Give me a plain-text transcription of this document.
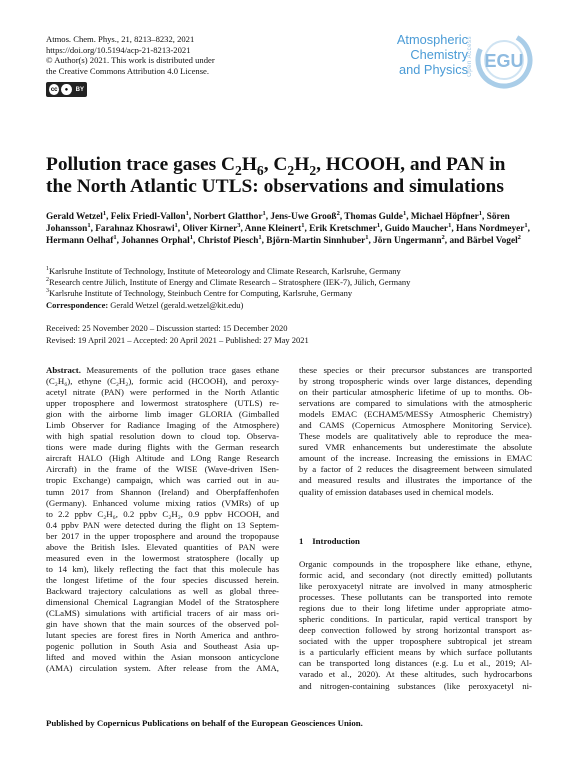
Atmos. Chem. Phys., 21, 8213–8232, 2021
https://doi.org/10.5194/acp-21-8213-2021
© Author(s) 2021. This work is distributed under
the Creative Commons Attribution 4.0 License.
cc	●	BY
Atmospheric
Chemistry
and Physics Open Access EGU
Pollution trace gases $C_2H_6$, $C_2H_2$, HCOOH, and PAN in the North Atlantic UTLS: observations and simulations
Gerald Wetzel$^1$, Felix Friedl-Vallon$^1$, Norbert Glatthor$^1$, Jens-Uwe Grooß$^2$, Thomas Gulde$^1$, Michael Höpfner$^1$, Sören Johansson$^1$, Farahnaz Khosrawi$^1$, Oliver Kirner$^3$, Anne Kleinert$^1$, Erik Kretschmer$^1$, Guido Maucher$^1$, Hans Nordmeyer$^1$, Hermann Oelhaf$^1$, Johannes Orphal$^1$, Christof Piesch$^1$, Björn-Martin Sinnhuber$^1$, Jörn Ungermann$^2$, and Bärbel Vogel$^2$
$^1$Karlsruhe Institute of Technology, Institute of Meteorology and Climate Research, Karlsruhe, Germany
$^2$Research centre Jülich, Institute of Energy and Climate Research – Stratosphere (IEK-7), Jülich, Germany
$^3$Karlsruhe Institute of Technology, Steinbuch Centre for Computing, Karlsruhe, Germany
Correspondence: Gerald Wetzel (gerald.wetzel@kit.edu)
Received: 25 November 2020 – Discussion started: 15 December 2020
Revised: 19 April 2021 – Accepted: 20 April 2021 – Published: 27 May 2021
Abstract. Measurements of the pollution trace gases ethane
(C₂H₆), ethyne (C₂H₂), formic acid (HCOOH), and peroxy-
acetyl nitrate (PAN) were performed in the North Atlantic
upper troposphere and lowermost stratosphere (UTLS) re-
gion with the airborne limb imager GLORIA (Gimballed
Limb Observer for Radiance Imaging of the Atmosphere)
with high spatial resolution down to cloud top. Observa-
tions were made during flights with the German research
aircraft HALO (High Altitude and LOng Range Research
Aircraft) in the frame of the WISE (Wave-driven ISen-
tropic Exchange) campaign, which was carried out in au-
tumn 2017 from Shannon (Ireland) and Oberpfaffenhofen
(Germany). Enhanced volume mixing ratios (VMRs) of up
to 2.2 ppbv C₂H₆, 0.2 ppbv C₂H₂, 0.9 ppbv HCOOH, and
0.4 ppbv PAN were detected during the flight on 13 Septem-
ber 2017 in the upper troposphere and around the tropopause
above the British Isles. Elevated quantities of PAN were
measured even in the lowermost stratosphere (locally up
to 14 km), likely reflecting the fact that this molecule has
the longest lifetime of the four species discussed herein.
Backward trajectory calculations as well as global three-
dimensional Chemical Lagrangian Model of the Stratosphere
(CLaMS) simulations with artificial tracers of air mass ori-
gin have shown that the main sources of the observed pol-
lutant species are forest fires in North America and anthro-
pogenic pollution in South Asia and Southeast Asia up-
lifted and moved within the Asian monsoon anticyclone
(AMA) circulation system. After release from the AMA,
these species or their precursor substances are transported
by strong tropospheric winds over large distances, depending
on their particular atmospheric lifetime of up to months. Ob-
servations are compared to simulations with the atmospheric
models EMAC (ECHAM5/MESSy Atmospheric Chemistry)
and CAMS (Copernicus Atmosphere Monitoring Service).
These models are qualitatively able to reproduce the mea-
sured VMR enhancements but underestimate the absolute
amount of the increase. Increasing the emissions in EMAC
by a factor of 2 reduces the disagreement between simulated
and measured results and illustrates the importance of the
quality of emission databases used in chemical models.
1 Introduction
Organic compounds in the troposphere like ethane, ethyne,
formic acid, and secondary (not directly emitted) pollutants
like peroxyacetyl nitrate are involved in many atmospheric
processes. These pollutants can be transported into remote
regions due to their long lifetime under appropriate atmo-
spheric conditions. In particular, rapid vertical transport by
deep convection followed by strong horizontal transport as-
sociated with the upper troposphere subtropical jet stream
is a particularly efficient means by which surface pollutants
can be transported long distances (e.g. Lu et al., 2019; Al-
varado et al., 2020). At these altitudes, such hydrocarbons
and nitrogen-containing substances (like peroxyacetyl ni-
Published by Copernicus Publications on behalf of the European Geosciences Union.
